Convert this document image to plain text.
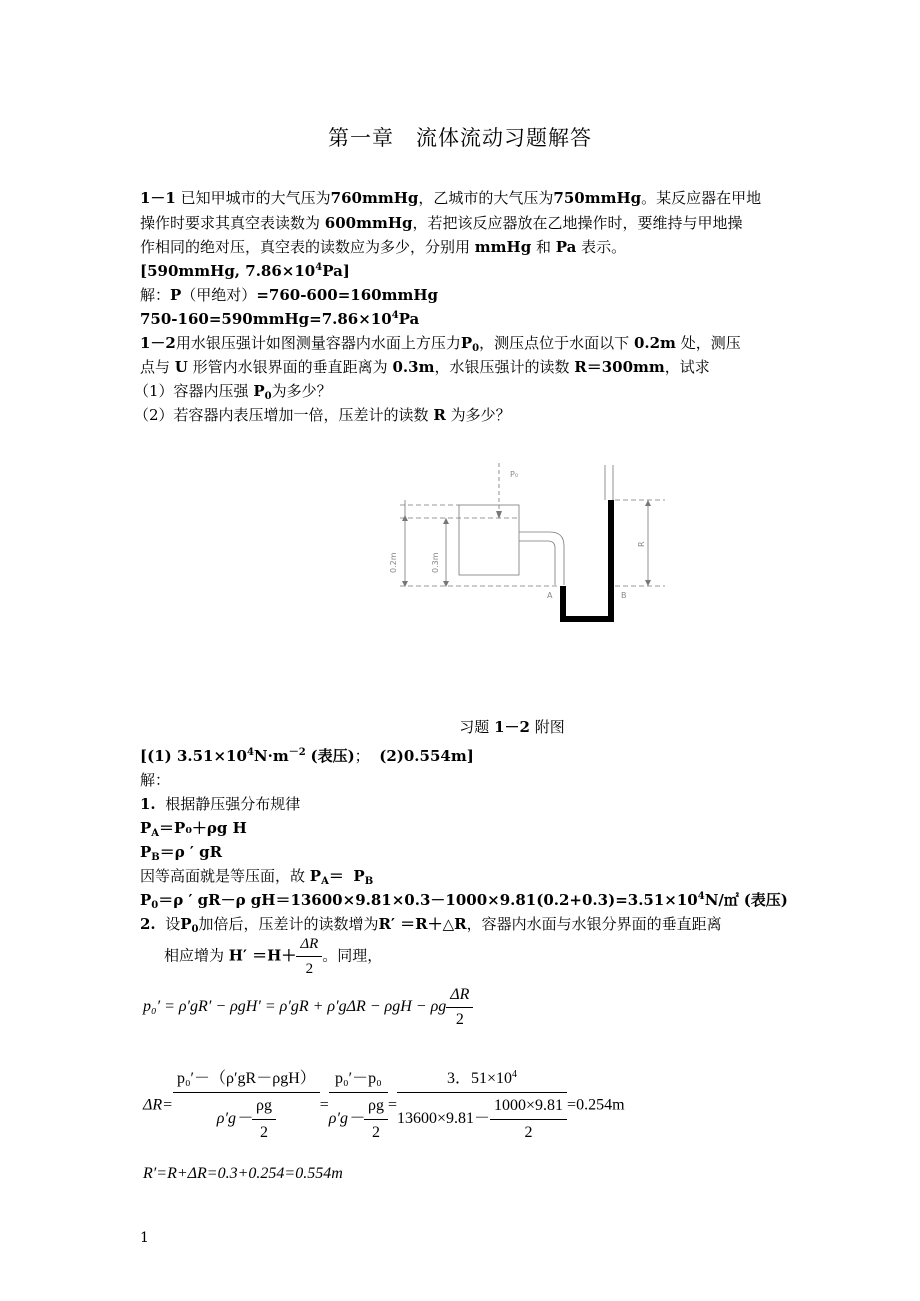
第一章　流体流动习题解答
1－1 已知甲城市的大气压为760mmHg，乙城市的大气压为750mmHg。某反应器在甲地
操作时要求其真空表读数为 600mmHg，若把该反应器放在乙地操作时，要维持与甲地操
作相同的绝对压，真空表的读数应为多少，分别用 mmHg 和 Pa 表示。
[590mmHg, $7.86\times 10^4Pa$]
解：P（甲绝对）=760-600=160mmHg
$750-160=590mmHg=7.86\times 10^4Pa$
1－2用水银压强计如图测量容器内水面上方压力$P_0$，测压点位于水面以下 0.2m 处，测压
点与 U 形管内水银界面的垂直距离为 0.3m，水银压强计的读数 R＝300mm，试求
（1）容器内压强 $P_0$为多少？
（2）若容器内表压增加一倍，压差计的读数 R 为多少？
P₀
A	B
0.2m	0.3m
R
习题 1－2 附图
[(1) $3.51\times 10^4N\cdot m^{-2}$ (表压)； (2)0.554m]
解：
1. 根据静压强分布规律
$P_A=P_0+\rho g$ H
$P_B=\rho$ ′ gR
因等高面就是等压面，故 $P_A= P_B$
$P_0=\rho$ ′ gR－ρ $gH=13600\times 9.81\times 0.3-1000\times 9.81(0.2+0.3)=3.51\times 10^4N/㎡$ (表压)
2. 设$P_0$加倍后，压差计的读数增为R′ ＝R＋△R，容器内水面与水银分界面的垂直距离
相应增为 $H' =H+ \frac{\Delta R}{2}$ 。同理，
p₀′ = ρ′gR′ − ρgH′ = ρ′gR + ρ′gΔR − ρgH − ρg $\frac{\Delta R}{2}$
$\Delta R= \frac{\text{p₀′－（ρ′gR－ρgH）}}{\rho'g- \frac{\rho g}{2}} = \frac{\text{p₀′－p₀}}{\rho'g- \frac{\rho g}{2}} = \frac{3.51\times 10^4}{13600\times 9.81- \frac{1000\times 9.81}{2}} =0.254m$
R′=R+ΔR=0.3+0.254=0.554m
1
